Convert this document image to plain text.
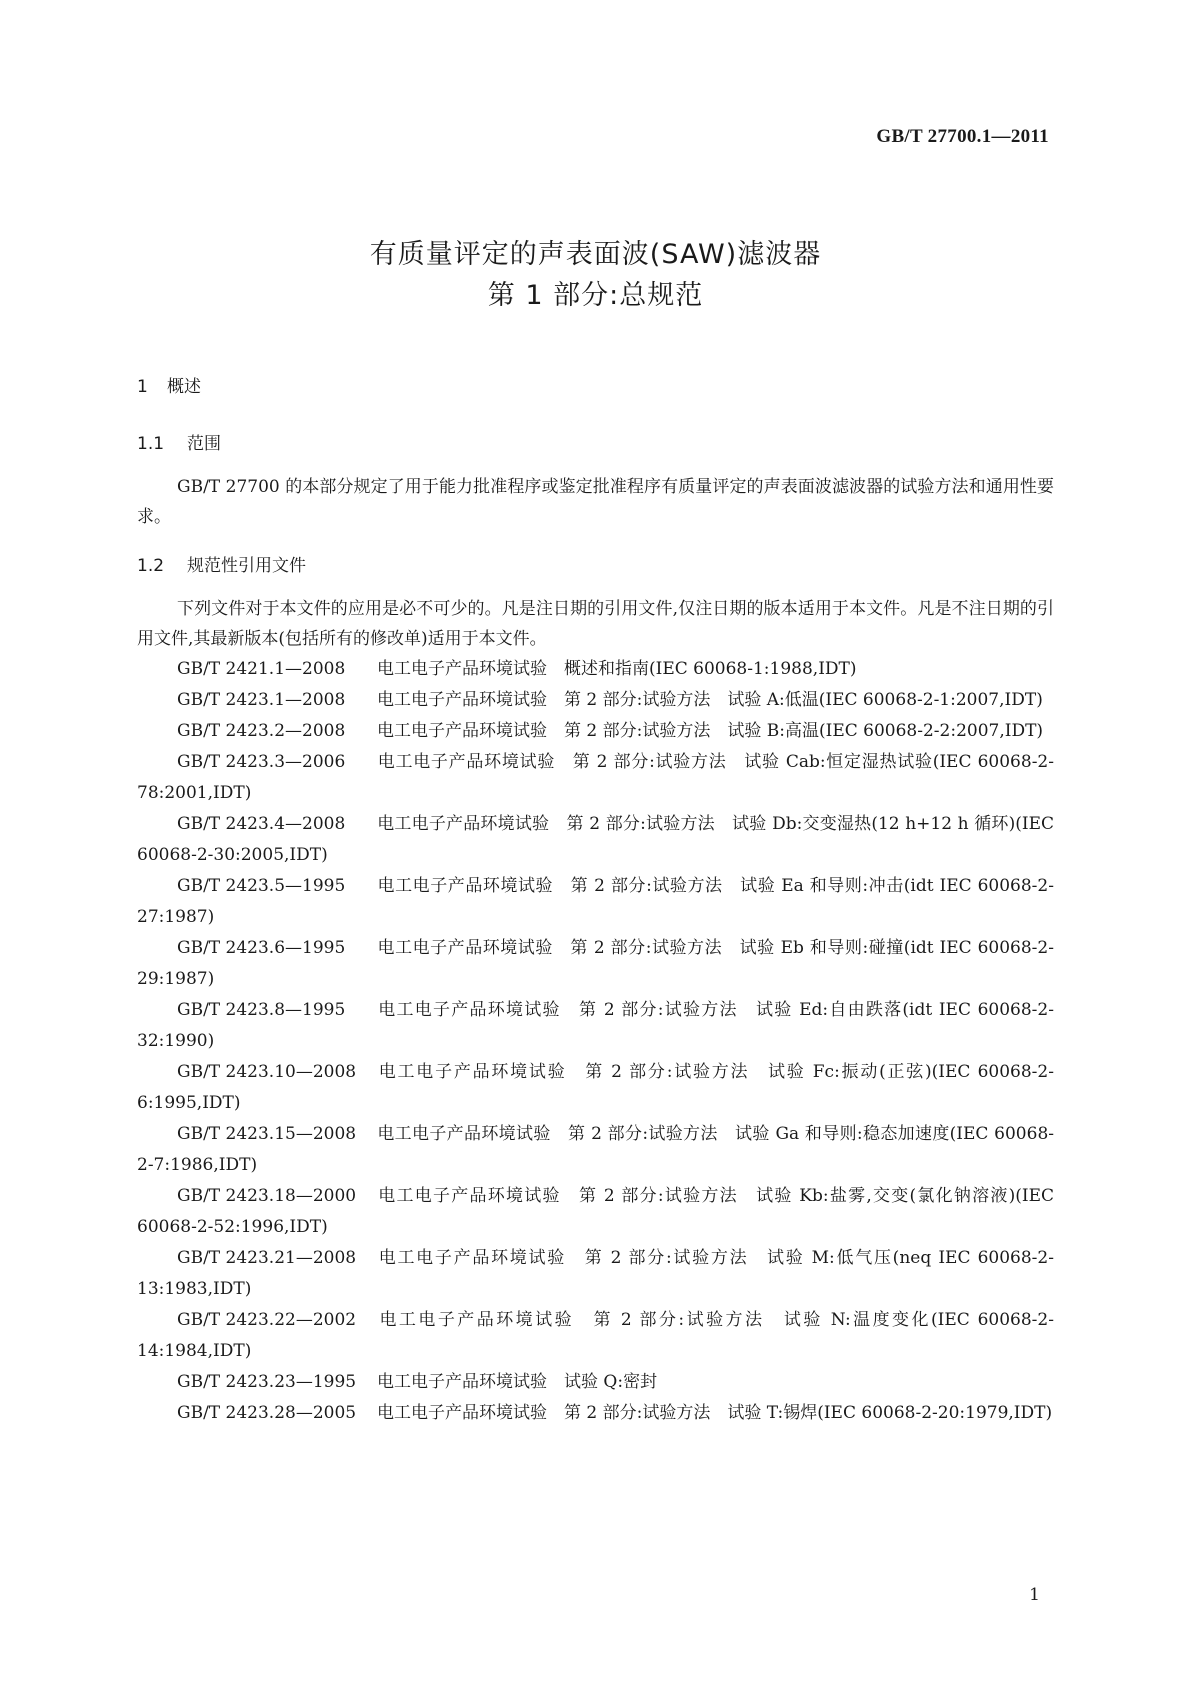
GB/T 27700.1—2011
有质量评定的声表面波(SAW)滤波器
第 1 部分:总规范
1 概述
1.1 范围

GB/T 27700 的本部分规定了用于能力批准程序或鉴定批准程序有质量评定的声表面波滤波器的试验方法和通用性要求。

1.2 规范性引用文件

下列文件对于本文件的应用是必不可少的。凡是注日期的引用文件,仅注日期的版本适用于本文件。凡是不注日期的引用文件,其最新版本(包括所有的修改单)适用于本文件。

GB/T 2421.1—2008 电工电子产品环境试验　概述和指南(IEC 60068-1:1988,IDT)

GB/T 2423.1—2008 电工电子产品环境试验　第 2 部分:试验方法　试验 A:低温(IEC 60068-2-1:2007,IDT)

GB/T 2423.2—2008 电工电子产品环境试验　第 2 部分:试验方法　试验 B:高温(IEC 60068-2-2:2007,IDT)

GB/T 2423.3—2006 电工电子产品环境试验　第 2 部分:试验方法　试验 Cab:恒定湿热试验(IEC 60068-2-78:2001,IDT)

GB/T 2423.4—2008 电工电子产品环境试验　第 2 部分:试验方法　试验 Db:交变湿热(12 h+12 h 循环)(IEC 60068-2-30:2005,IDT)

GB/T 2423.5—1995 电工电子产品环境试验　第 2 部分:试验方法　试验 Ea 和导则:冲击(idt IEC 60068-2-27:1987)

GB/T 2423.6—1995 电工电子产品环境试验　第 2 部分:试验方法　试验 Eb 和导则:碰撞(idt IEC 60068-2-29:1987)

GB/T 2423.8—1995 电工电子产品环境试验　第 2 部分:试验方法　试验 Ed:自由跌落(idt IEC 60068-2-32:1990)

GB/T 2423.10—2008 电工电子产品环境试验　第 2 部分:试验方法　试验 Fc:振动(正弦)(IEC 60068-2-6:1995,IDT)

GB/T 2423.15—2008 电工电子产品环境试验　第 2 部分:试验方法　试验 Ga 和导则:稳态加速度(IEC 60068-2-7:1986,IDT)

GB/T 2423.18—2000 电工电子产品环境试验　第 2 部分:试验方法　试验 Kb:盐雾,交变(氯化钠溶液)(IEC 60068-2-52:1996,IDT)

GB/T 2423.21—2008 电工电子产品环境试验　第 2 部分:试验方法　试验 M:低气压(neq IEC 60068-2-13:1983,IDT)

GB/T 2423.22—2002 电工电子产品环境试验　第 2 部分:试验方法　试验 N:温度变化(IEC 60068-2-14:1984,IDT)

GB/T 2423.23—1995 电工电子产品环境试验　试验 Q:密封

GB/T 2423.28—2005 电工电子产品环境试验　第 2 部分:试验方法　试验 T:锡焊(IEC 60068-2-20:1979,IDT)

1
